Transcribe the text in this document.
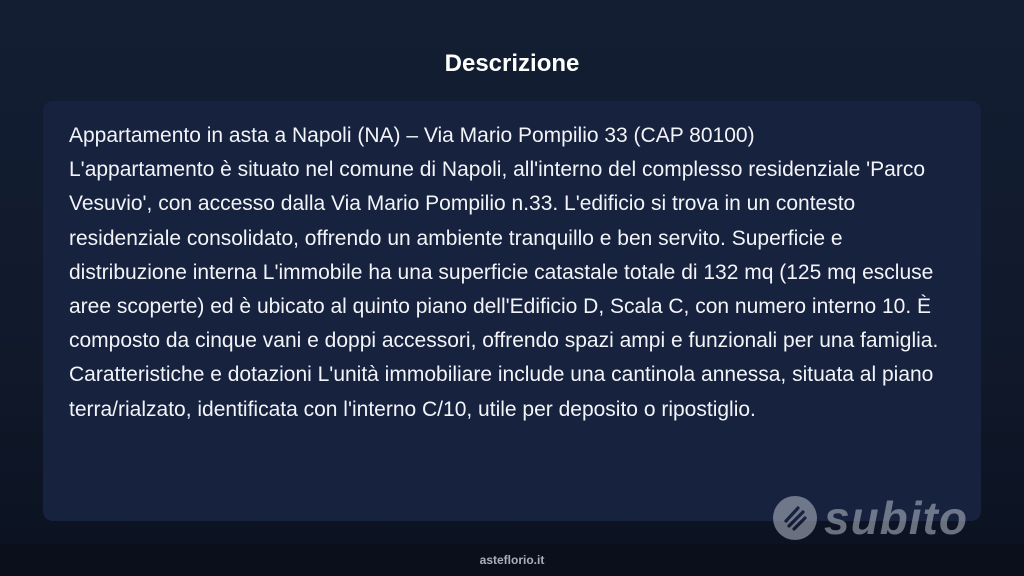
Descrizione

Appartamento in asta a Napoli (NA) – Via Mario Pompilio 33 (CAP 80100)
L'appartamento è situato nel comune di Napoli, all'interno del complesso residenziale 'Parco Vesuvio', con accesso dalla Via Mario Pompilio n.33. L'edificio si trova in un contesto residenziale consolidato, offrendo un ambiente tranquillo e ben servito. Superficie e distribuzione interna L'immobile ha una superficie catastale totale di 132 mq (125 mq escluse aree scoperte) ed è ubicato al quinto piano dell'Edificio D, Scala C, con numero interno 10. È composto da cinque vani e doppi accessori, offrendo spazi ampi e funzionali per una famiglia. Caratteristiche e dotazioni L'unità immobiliare include una cantinola annessa, situata al piano terra/rialzato, identificata con l'interno C/10, utile per deposito o ripostiglio.

subito
asteflorio.it
